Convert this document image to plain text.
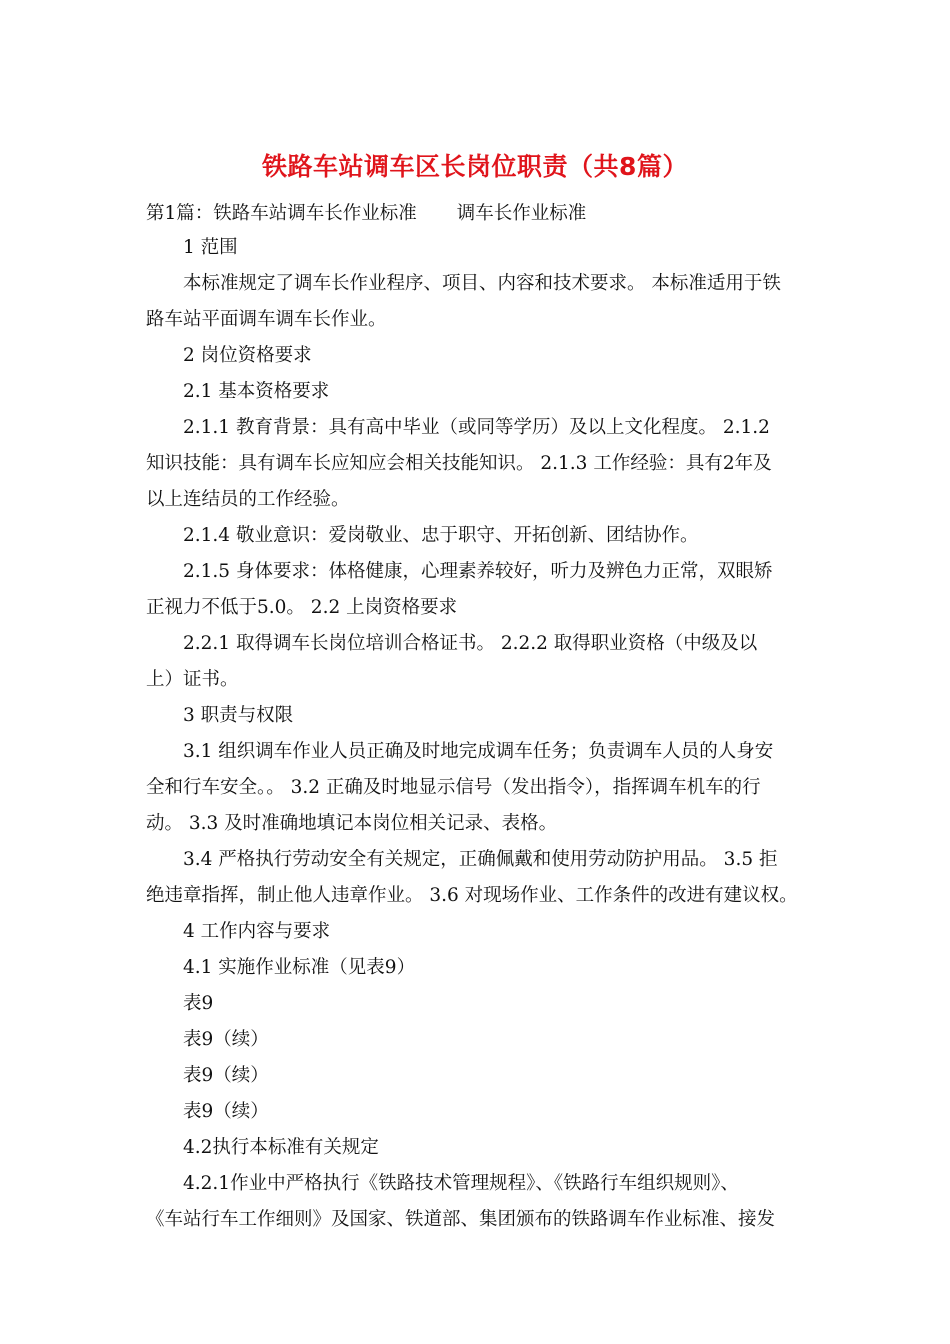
铁路车站调车区长岗位职责（共8篇）
第1篇：铁路车站调车长作业标准 调车长作业标准
1 范围
本标准规定了调车长作业程序、项目、内容和技术要求。 本标准适用于铁
路车站平面调车调车长作业。
2 岗位资格要求
2.1 基本资格要求
2.1.1 教育背景：具有高中毕业（或同等学历）及以上文化程度。 2.1.2
知识技能：具有调车长应知应会相关技能知识。 2.1.3 工作经验：具有2年及
以上连结员的工作经验。
2.1.4 敬业意识：爱岗敬业、忠于职守、开拓创新、团结协作。
2.1.5 身体要求：体格健康，心理素养较好，听力及辨色力正常，双眼矫
正视力不低于5.0。 2.2 上岗资格要求
2.2.1 取得调车长岗位培训合格证书。 2.2.2 取得职业资格（中级及以
上）证书。
3 职责与权限
3.1 组织调车作业人员正确及时地完成调车任务；负责调车人员的人身安
全和行车安全。。 3.2 正确及时地显示信号（发出指令），指挥调车机车的行
动。 3.3 及时准确地填记本岗位相关记录、表格。
3.4 严格执行劳动安全有关规定，正确佩戴和使用劳动防护用品。 3.5 拒
绝违章指挥，制止他人违章作业。 3.6 对现场作业、工作条件的改进有建议权。
4 工作内容与要求
4.1 实施作业标准（见表9）
表9
表9（续）
表9（续）
表9（续）
4.2执行本标准有关规定
4.2.1作业中严格执行《铁路技术管理规程》、《铁路行车组织规则》、
《车站行车工作细则》及国家、铁道部、集团颁布的铁路调车作业标准、接发
